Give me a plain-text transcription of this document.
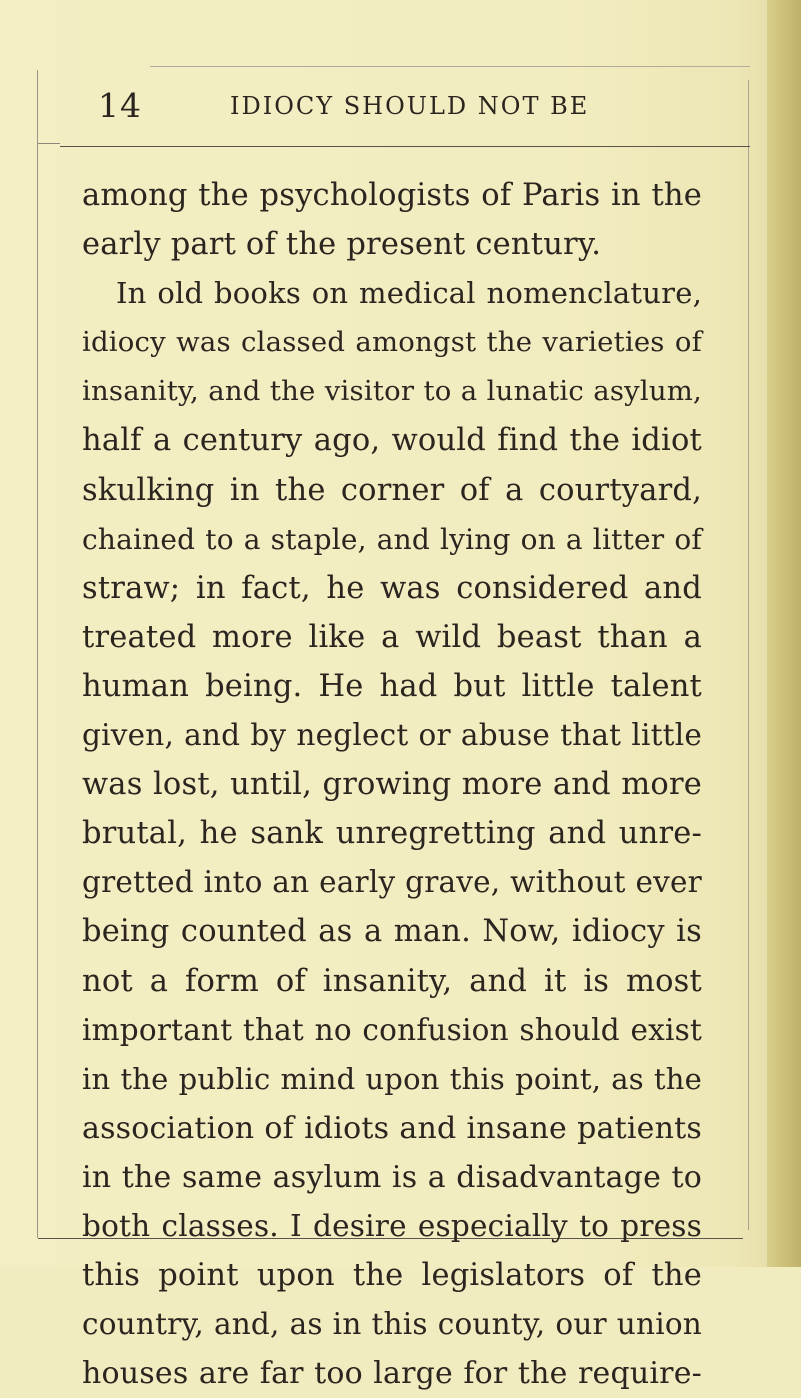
14	IDIOCY SHOULD NOT BE
among the psychologists of Paris in the
early part of the present century.
In old books on medical nomenclature,
idiocy was classed amongst the varieties of
insanity, and the visitor to a lunatic asylum,
half a century ago, would find the idiot
skulking in the corner of a courtyard,
chained to a staple, and lying on a litter of
straw; in fact, he was considered and
treated more like a wild beast than a
human being. He had but little talent
given, and by neglect or abuse that little
was lost, until, growing more and more
brutal, he sank unregretting and unre-
gretted into an early grave, without ever
being counted as a man. Now, idiocy is
not a form of insanity, and it is most
important that no confusion should exist
in the public mind upon this point, as the
association of idiots and insane patients
in the same asylum is a disadvantage to
both classes. I desire especially to press
this point upon the legislators of the
country, and, as in this county, our union
houses are far too large for the require-
